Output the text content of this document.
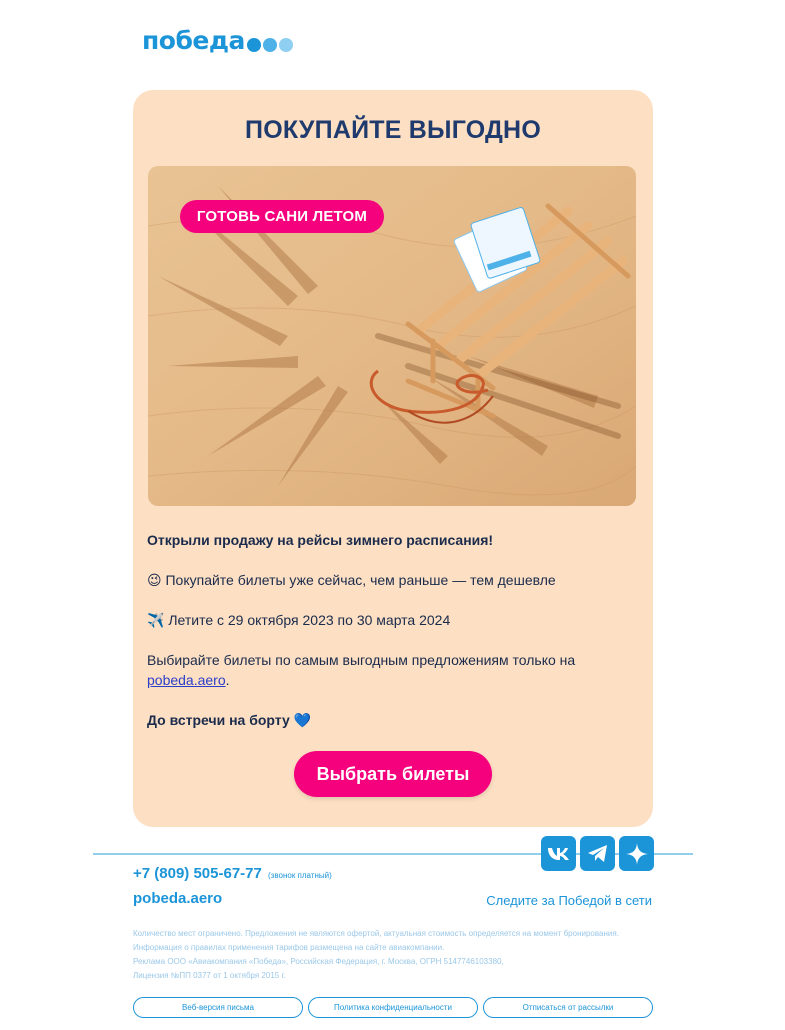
победа
ПОКУПАЙТЕ ВЫГОДНО
ГОТОВЬ САНИ ЛЕТОМ

Открыли продажу на рейсы зимнего расписания!

😉 Покупайте билеты уже сейчас, чем раньше — тем дешевле

✈️ Летите с 29 октября 2023 по 30 марта 2024

Выбирайте билеты по самым выгодным предложениям только на
pobeda.aero.

До встречи на борту 💙

Выбрать билеты
+7 (809) 505-67-77 (звонок платный)
pobeda.aero	Следите за Победой в сети
Количество мест ограничено. Предложения не являются офертой, актуальная стоимость определяется на момент бронирования. Информация о правилах применения тарифов размещена на сайте авиакомпании.
Реклама ООО «Авиакомпания «Победа», Российская Федерация, г. Москва, ОГРН 5147746103380,
Лицензия №ПП 0377 от 1 октября 2015 г.
Веб-версия письма	Политика конфиденциальности	Отписаться от рассылки
